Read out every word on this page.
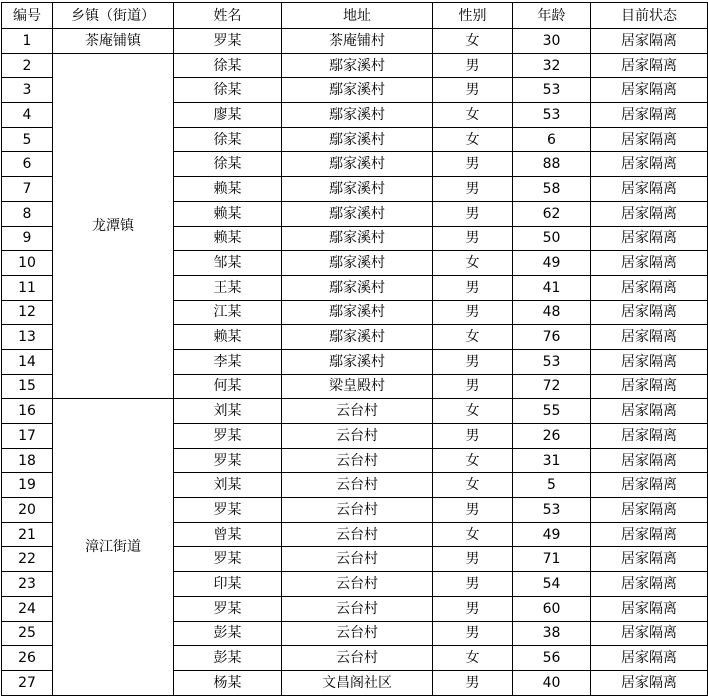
编号	乡镇（街道）	姓名	地址	性别	年龄	目前状态
1	茶庵铺镇	罗某	茶庵铺村	女	30	居家隔离
2	龙潭镇	徐某	鄢家溪村	男	32	居家隔离
3		徐某	鄢家溪村	男	53	居家隔离
4		廖某	鄢家溪村	女	53	居家隔离
5		徐某	鄢家溪村	女	6	居家隔离
6		徐某	鄢家溪村	男	88	居家隔离
7		赖某	鄢家溪村	男	58	居家隔离
8		赖某	鄢家溪村	男	62	居家隔离
9		赖某	鄢家溪村	男	50	居家隔离
10		邹某	鄢家溪村	女	49	居家隔离
11		王某	鄢家溪村	男	41	居家隔离
12		江某	鄢家溪村	男	48	居家隔离
13		赖某	鄢家溪村	女	76	居家隔离
14		李某	鄢家溪村	男	53	居家隔离
15		何某	梁皇殿村	男	72	居家隔离
16	漳江街道	刘某	云台村	女	55	居家隔离
17		罗某	云台村	男	26	居家隔离
18		罗某	云台村	女	31	居家隔离
19		刘某	云台村	女	5	居家隔离
20		罗某	云台村	男	53	居家隔离
21		曾某	云台村	女	49	居家隔离
22		罗某	云台村	男	71	居家隔离
23		印某	云台村	男	54	居家隔离
24		罗某	云台村	男	60	居家隔离
25		彭某	云台村	男	38	居家隔离
26		彭某	云台村	女	56	居家隔离
27		杨某	文昌阁社区	男	40	居家隔离
